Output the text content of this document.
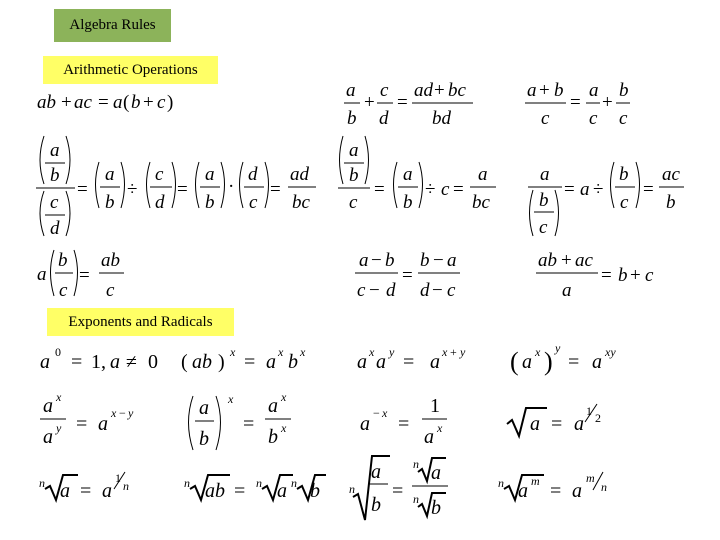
Algebra Rules
Arithmetic Operations
Exponents and Radicals
ab + ac = a ( b + c )
a
b
+
c
d
=
ad + bc
bd
a + b
c
=
a
c
+
b
c
a
b
c
d
=
a
b
÷
c
d
=
a
b
·
d
c
=
ad
bc
a
b
c
=
a
b
÷ c =
a
bc
a
b
c
= a ÷
b
c
=
ac
b
a
b
c
=
ab
c
a − b
c − d
=
b − a
d − c
ab + ac
a
= b + c
a 0 = 1, a ≠ 0 ( ab ) x = a x b x	a x a y = a x + y ( a x ) y
= a xy
a x
a y = a x − y	a
b
x
=
a x
b x	a − x =
1
a x	a = a
1 2
n a = a
1
n	n ab = n a n b n
a
b
=
n a
n b
n a m = a
m
n
